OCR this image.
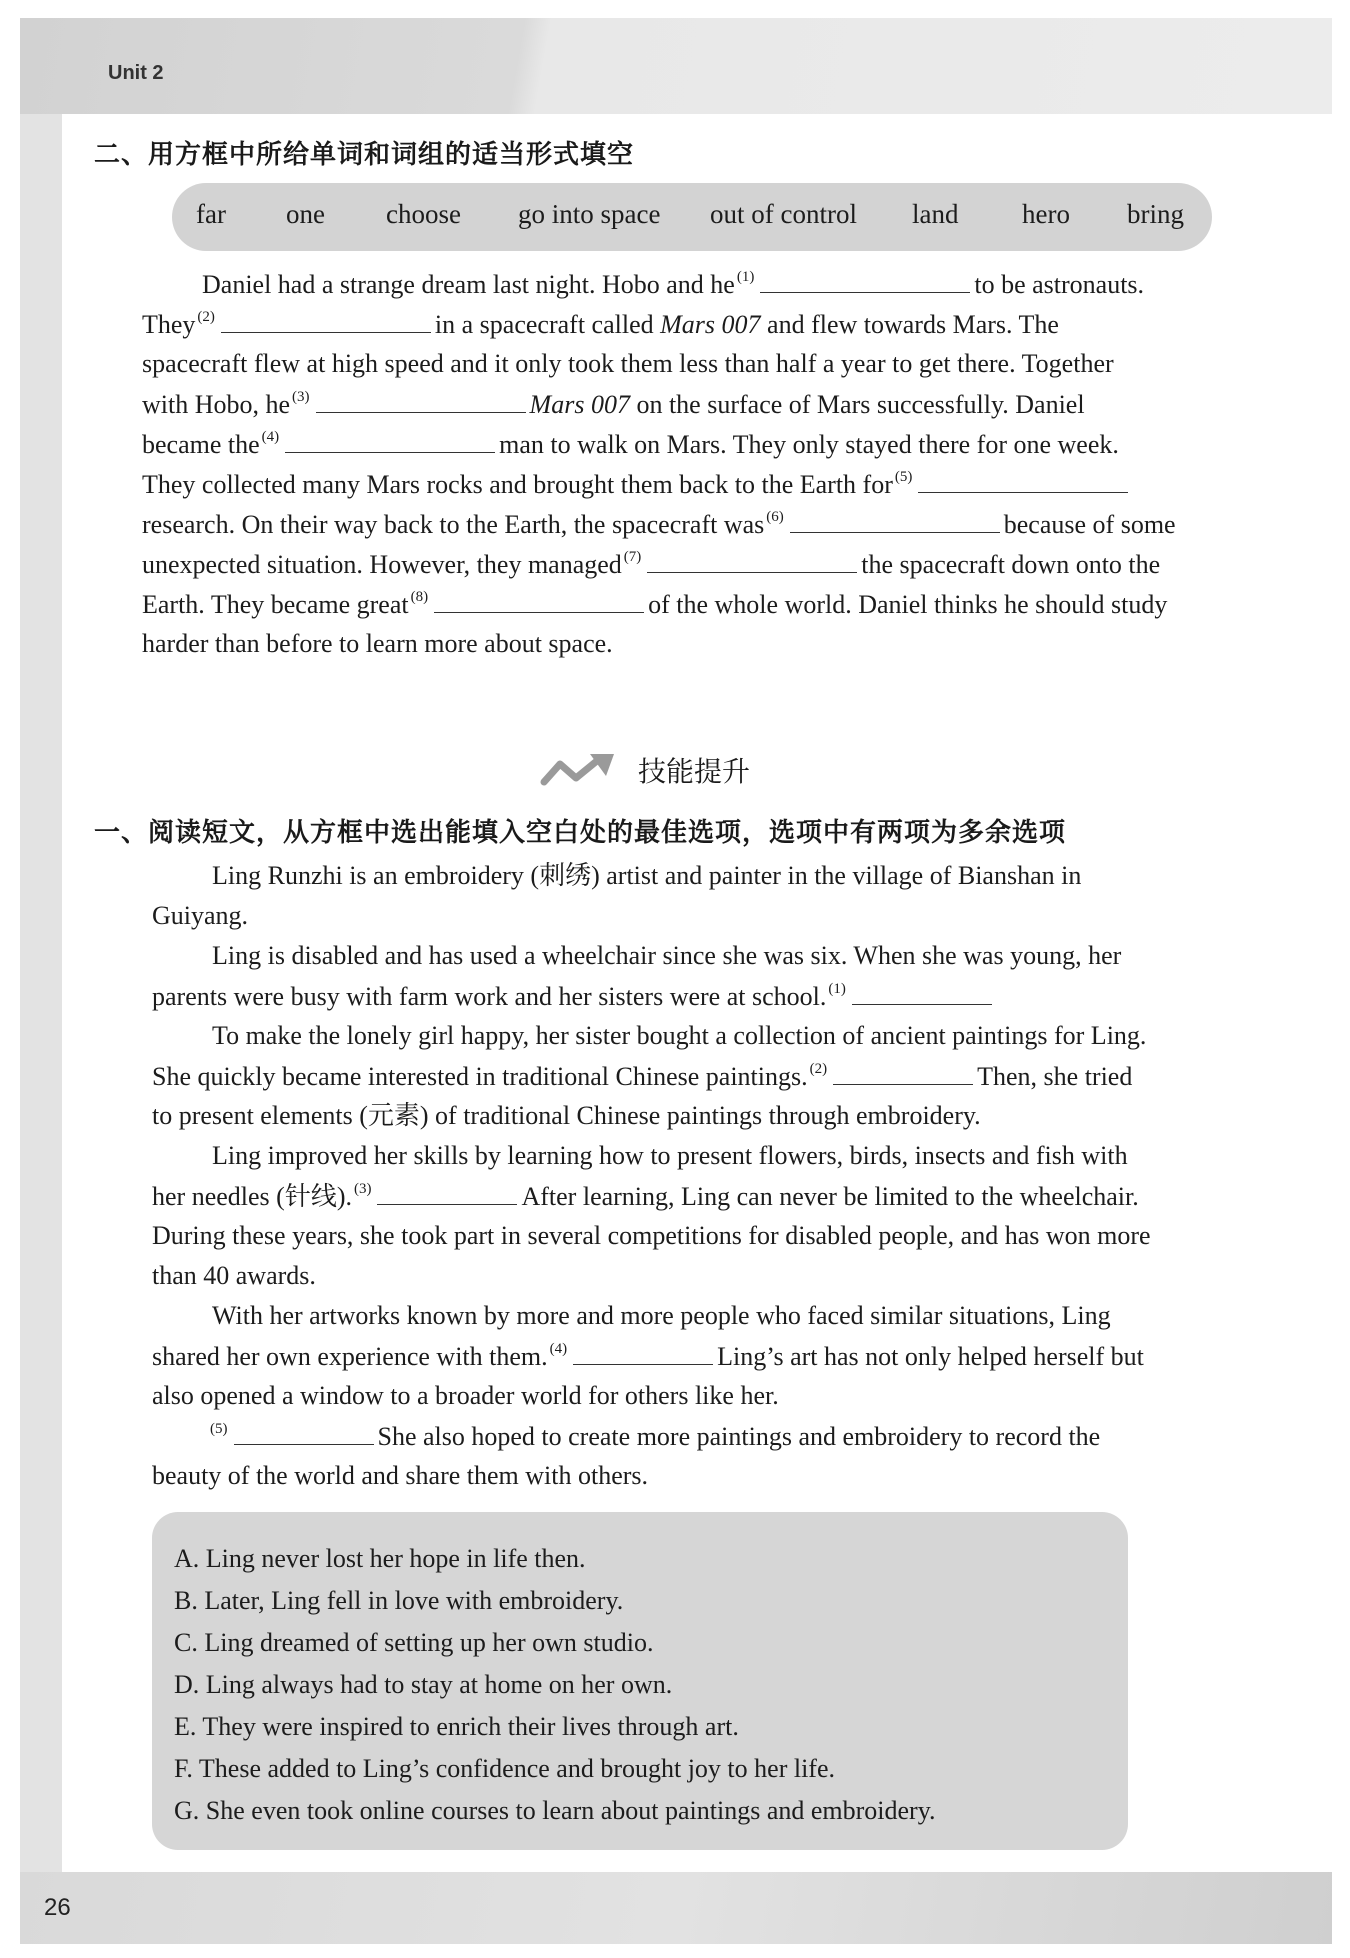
Unit 2
二、用方框中所给单词和词组的适当形式填空
far one choose go into space out of control land hero bring
Daniel had a strange dream last night. Hobo and he $^{(1)}$	to be astronauts.
They $^{(2)}$	in a spacecraft called Mars 007 and flew towards Mars. The
spacecraft flew at high speed and it only took them less than half a year to get there. Together
with Hobo, he $^{(3)}$	Mars 007 on the surface of Mars successfully. Daniel
became the $^{(4)}$	man to walk on Mars. They only stayed there for one week.
They collected many Mars rocks and brought them back to the Earth for $^{(5)}$
research. On their way back to the Earth, the spacecraft was $^{(6)}$	because of some
unexpected situation. However, they managed $^{(7)}$	the spacecraft down onto the
Earth. They became great $^{(8)}$	of the whole world. Daniel thinks he should study
harder than before to learn more about space.
技能提升
一、阅读短文，从方框中选出能填入空白处的最佳选项，选项中有两项为多余选项
Ling Runzhi is an embroidery (刺绣) artist and painter in the village of Bianshan in
Guiyang.
Ling is disabled and has used a wheelchair since she was six. When she was young, her
parents were busy with farm work and her sisters were at school. $^{(1)}$
To make the lonely girl happy, her sister bought a collection of ancient paintings for Ling.
She quickly became interested in traditional Chinese paintings. $^{(2)}$	Then, she tried
to present elements (元素) of traditional Chinese paintings through embroidery.
Ling improved her skills by learning how to present flowers, birds, insects and fish with
her needles (针线). $^{(3)}$	After learning, Ling can never be limited to the wheelchair.
During these years, she took part in several competitions for disabled people, and has won more
than 40 awards.
With her artworks known by more and more people who faced similar situations, Ling
shared her own experience with them. $^{(4)}$	Ling’s art has not only helped herself but
also opened a window to a broader world for others like her.
$^{(5)}$	She also hoped to create more paintings and embroidery to record the
beauty of the world and share them with others.
A. Ling never lost her hope in life then.
B. Later, Ling fell in love with embroidery.
C. Ling dreamed of setting up her own studio.
D. Ling always had to stay at home on her own.
E. They were inspired to enrich their lives through art.
F. These added to Ling’s confidence and brought joy to her life.
G. She even took online courses to learn about paintings and embroidery.
26
